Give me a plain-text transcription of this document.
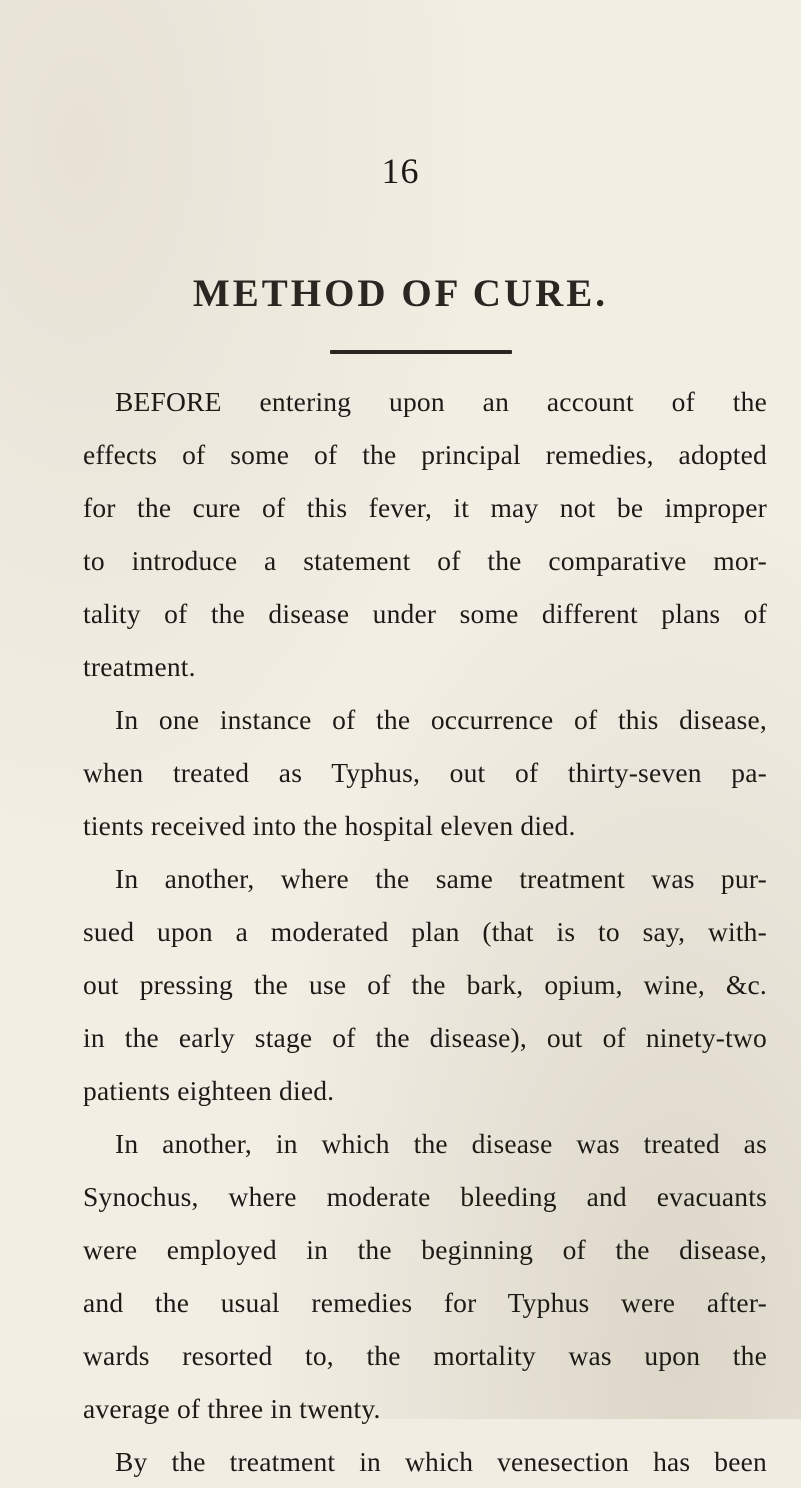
16
METHOD OF CURE.
BEFORE entering upon an account of the
effects of some of the principal remedies, adopted
for the cure of this fever, it may not be improper
to introduce a statement of the comparative mor-
tality of the disease under some different plans of
treatment.
In one instance of the occurrence of this disease,
when treated as Typhus, out of thirty-seven pa-
tients received into the hospital eleven died.
In another, where the same treatment was pur-
sued upon a moderated plan (that is to say, with-
out pressing the use of the bark, opium, wine, &c.
in the early stage of the disease), out of ninety-two
patients eighteen died.
In another, in which the disease was treated as
Synochus, where moderate bleeding and evacuants
were employed in the beginning of the disease,
and the usual remedies for Typhus were after-
wards resorted to, the mortality was upon the
average of three in twenty.
By the treatment in which venesection has been
